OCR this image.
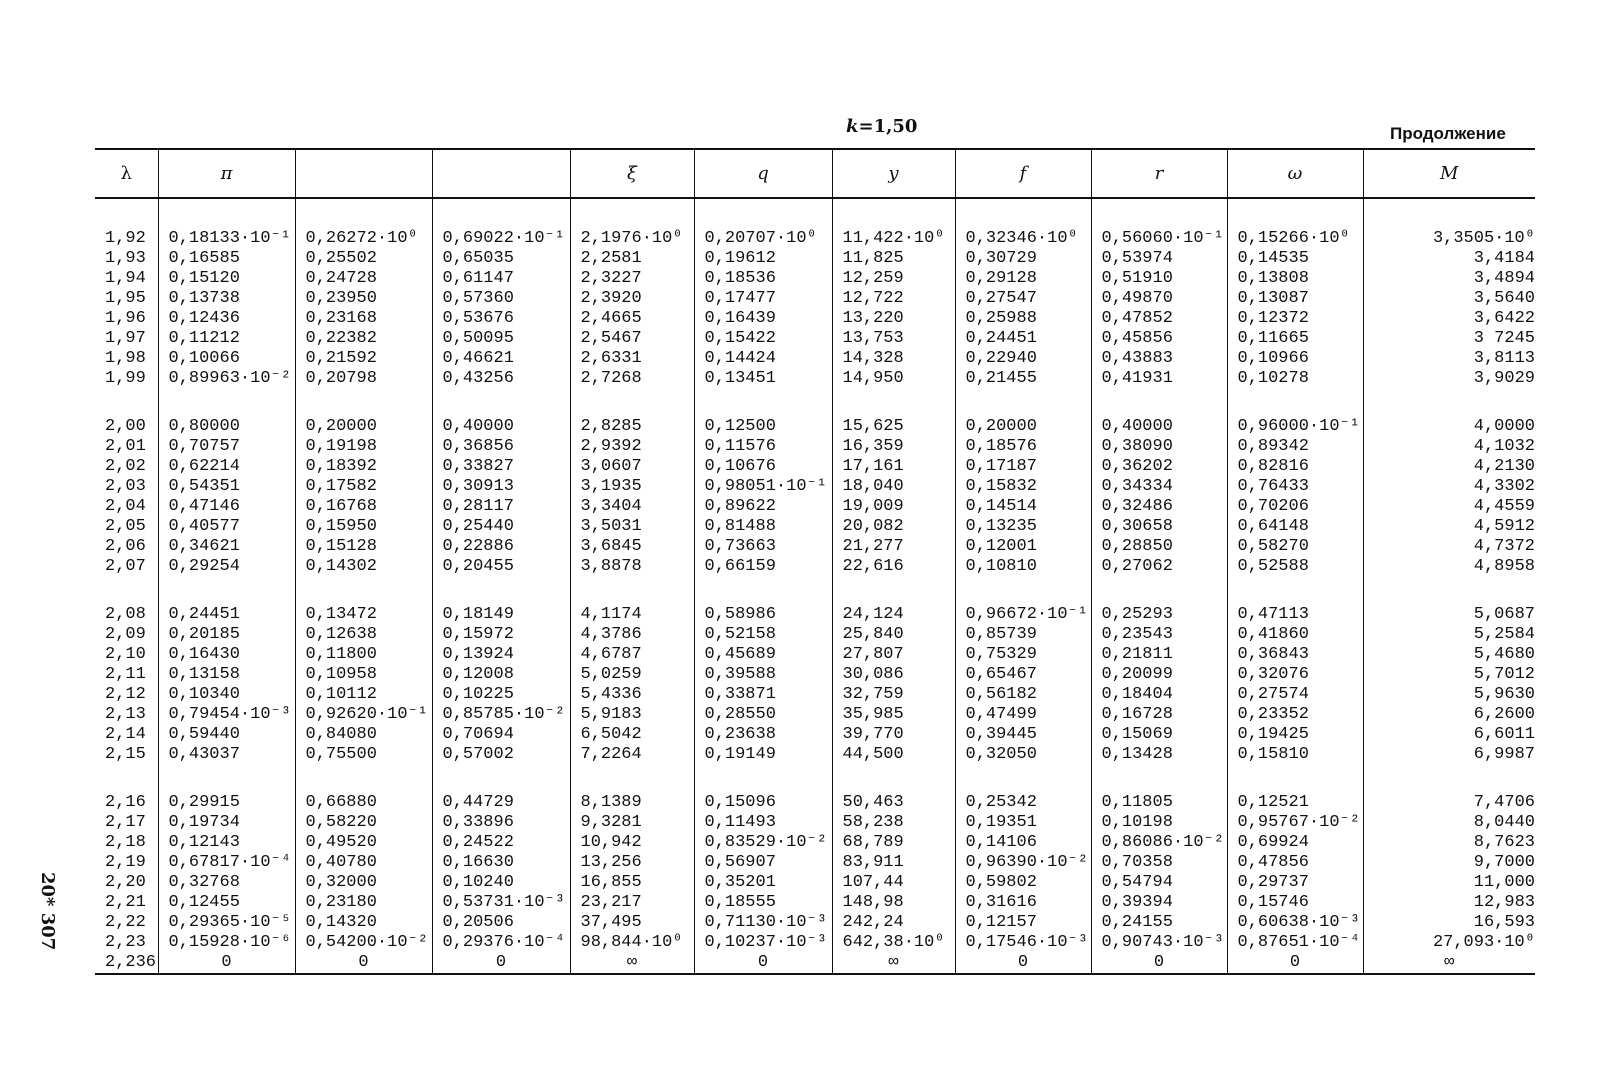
k=1,50	Продолжение
20* 307
λ	π			ξ	q	y	f	r	ω	M
1,92	0,18133·10⁻¹	0,26272·10⁰	0,69022·10⁻¹	2,1976·10⁰	0,20707·10⁰	11,422·10⁰	0,32346·10⁰	0,56060·10⁻¹	0,15266·10⁰	3,3505·10⁰
1,93	0,16585	0,25502	0,65035	2,2581	0,19612	11,825	0,30729	0,53974	0,14535	3,4184
1,94	0,15120	0,24728	0,61147	2,3227	0,18536	12,259	0,29128	0,51910	0,13808	3,4894
1,95	0,13738	0,23950	0,57360	2,3920	0,17477	12,722	0,27547	0,49870	0,13087	3,5640
1,96	0,12436	0,23168	0,53676	2,4665	0,16439	13,220	0,25988	0,47852	0,12372	3,6422
1,97	0,11212	0,22382	0,50095	2,5467	0,15422	13,753	0,24451	0,45856	0,11665	3 7245
1,98	0,10066	0,21592	0,46621	2,6331	0,14424	14,328	0,22940	0,43883	0,10966	3,8113
1,99	0,89963·10⁻²	0,20798	0,43256	2,7268	0,13451	14,950	0,21455	0,41931	0,10278	3,9029

2,00	0,80000	0,20000	0,40000	2,8285	0,12500	15,625	0,20000	0,40000	0,96000·10⁻¹	4,0000
2,01	0,70757	0,19198	0,36856	2,9392	0,11576	16,359	0,18576	0,38090	0,89342	4,1032
2,02	0,62214	0,18392	0,33827	3,0607	0,10676	17,161	0,17187	0,36202	0,82816	4,2130
2,03	0,54351	0,17582	0,30913	3,1935	0,98051·10⁻¹	18,040	0,15832	0,34334	0,76433	4,3302
2,04	0,47146	0,16768	0,28117	3,3404	0,89622	19,009	0,14514	0,32486	0,70206	4,4559
2,05	0,40577	0,15950	0,25440	3,5031	0,81488	20,082	0,13235	0,30658	0,64148	4,5912
2,06	0,34621	0,15128	0,22886	3,6845	0,73663	21,277	0,12001	0,28850	0,58270	4,7372
2,07	0,29254	0,14302	0,20455	3,8878	0,66159	22,616	0,10810	0,27062	0,52588	4,8958

2,08	0,24451	0,13472	0,18149	4,1174	0,58986	24,124	0,96672·10⁻¹	0,25293	0,47113	5,0687
2,09	0,20185	0,12638	0,15972	4,3786	0,52158	25,840	0,85739	0,23543	0,41860	5,2584
2,10	0,16430	0,11800	0,13924	4,6787	0,45689	27,807	0,75329	0,21811	0,36843	5,4680
2,11	0,13158	0,10958	0,12008	5,0259	0,39588	30,086	0,65467	0,20099	0,32076	5,7012
2,12	0,10340	0,10112	0,10225	5,4336	0,33871	32,759	0,56182	0,18404	0,27574	5,9630
2,13	0,79454·10⁻³	0,92620·10⁻¹	0,85785·10⁻²	5,9183	0,28550	35,985	0,47499	0,16728	0,23352	6,2600
2,14	0,59440	0,84080	0,70694	6,5042	0,23638	39,770	0,39445	0,15069	0,19425	6,6011
2,15	0,43037	0,75500	0,57002	7,2264	0,19149	44,500	0,32050	0,13428	0,15810	6,9987

2,16	0,29915	0,66880	0,44729	8,1389	0,15096	50,463	0,25342	0,11805	0,12521	7,4706
2,17	0,19734	0,58220	0,33896	9,3281	0,11493	58,238	0,19351	0,10198	0,95767·10⁻²	8,0440
2,18	0,12143	0,49520	0,24522	10,942	0,83529·10⁻²	68,789	0,14106	0,86086·10⁻²	0,69924	8,7623
2,19	0,67817·10⁻⁴	0,40780	0,16630	13,256	0,56907	83,911	0,96390·10⁻²	0,70358	0,47856	9,7000
2,20	0,32768	0,32000	0,10240	16,855	0,35201	107,44	0,59802	0,54794	0,29737	11,000
2,21	0,12455	0,23180	0,53731·10⁻³	23,217	0,18555	148,98	0,31616	0,39394	0,15746	12,983
2,22	0,29365·10⁻⁵	0,14320	0,20506	37,495	0,71130·10⁻³	242,24	0,12157	0,24155	0,60638·10⁻³	16,593
2,23	0,15928·10⁻⁶	0,54200·10⁻²	0,29376·10⁻⁴	98,844·10⁰	0,10237·10⁻³	642,38·10⁰	0,17546·10⁻³	0,90743·10⁻³	0,87651·10⁻⁴	27,093·10⁰
2,236	0	0	0	∞	0	∞	0	0	0	∞
